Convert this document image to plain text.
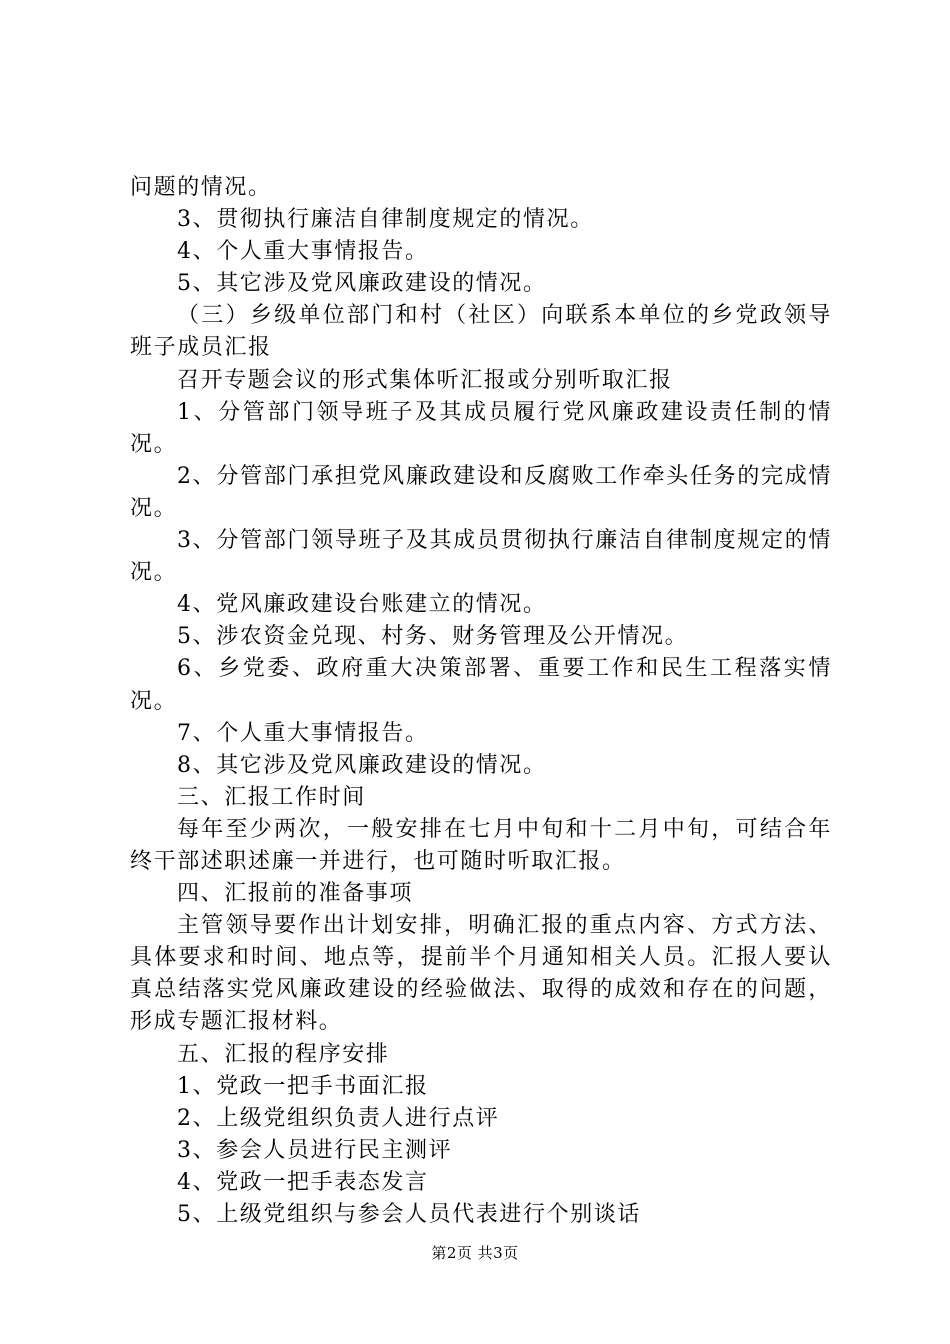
问题的情况。

3、贯彻执行廉洁自律制度规定的情况。

4、个人重大事情报告。

5、其它涉及党风廉政建设的情况。

（三）乡级单位部门和村（社区）向联系本单位的乡党政领导班子成员汇报

召开专题会议的形式集体听汇报或分别听取汇报

1、分管部门领导班子及其成员履行党风廉政建设责任制的情况。

2、分管部门承担党风廉政建设和反腐败工作牵头任务的完成情况。

3、分管部门领导班子及其成员贯彻执行廉洁自律制度规定的情况。

4、党风廉政建设台账建立的情况。

5、涉农资金兑现、村务、财务管理及公开情况。

6、乡党委、政府重大决策部署、重要工作和民生工程落实情况。

7、个人重大事情报告。

8、其它涉及党风廉政建设的情况。

三、汇报工作时间

每年至少两次，一般安排在七月中旬和十二月中旬，可结合年终干部述职述廉一并进行，也可随时听取汇报。

四、汇报前的准备事项

主管领导要作出计划安排，明确汇报的重点内容、方式方法、具体要求和时间、地点等，提前半个月通知相关人员。汇报人要认真总结落实党风廉政建设的经验做法、取得的成效和存在的问题，形成专题汇报材料。

五、汇报的程序安排

1、党政一把手书面汇报

2、上级党组织负责人进行点评

3、参会人员进行民主测评

4、党政一把手表态发言

5、上级党组织与参会人员代表进行个别谈话

第2页 共3页
